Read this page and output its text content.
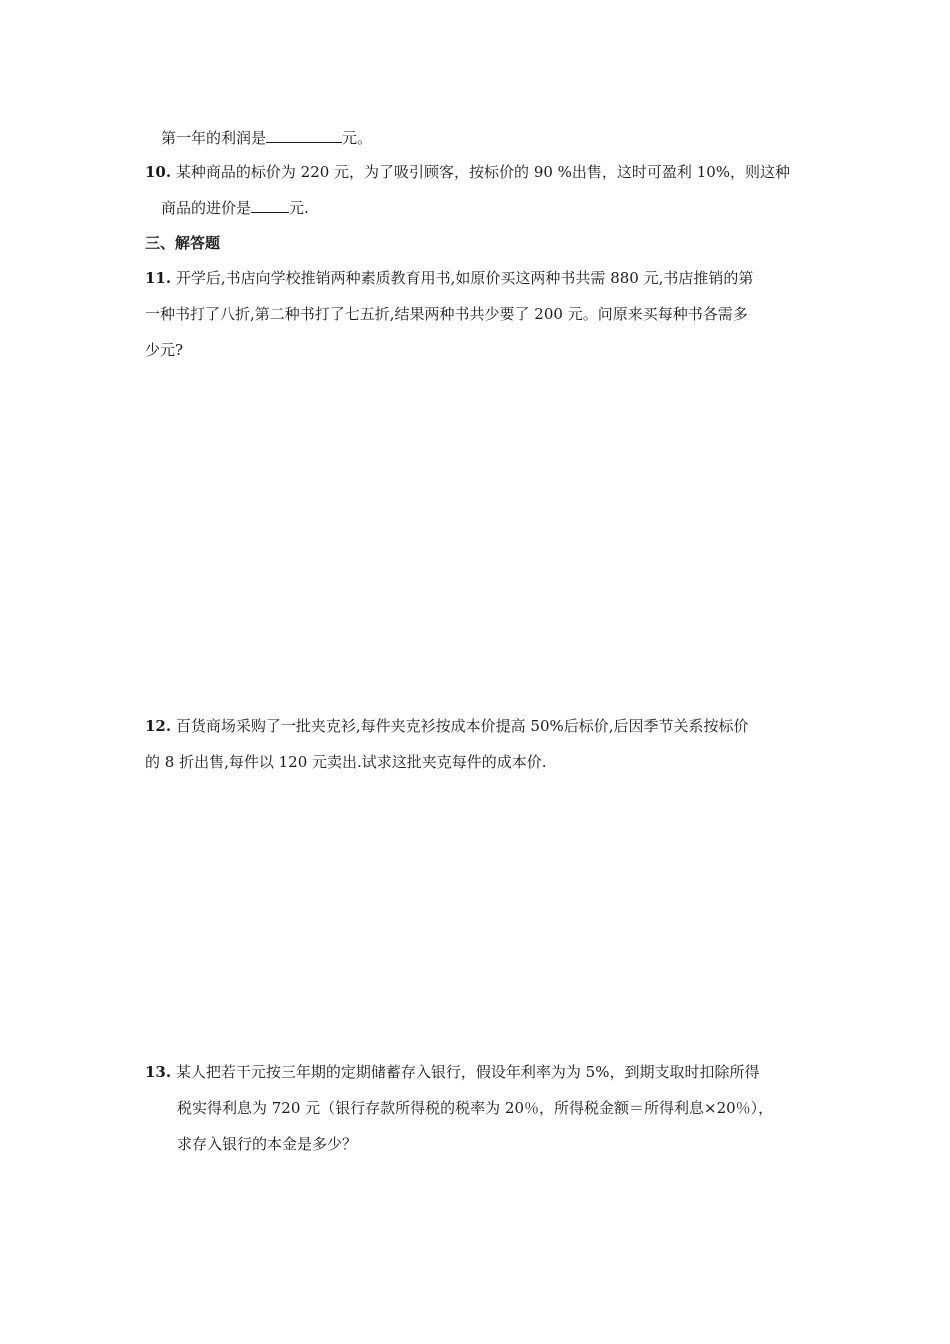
第一年的利润是	元。
10. 某种商品的标价为 220 元，为了吸引顾客，按标价的 90 %出售，这时可盈利 10%，则这种
商品的进价是	元.
三、解答题
11. 开学后,书店向学校推销两种素质教育用书,如原价买这两种书共需 880 元,书店推销的第
一种书打了八折,第二种书打了七五折,结果两种书共少要了 200 元。问原来买每种书各需多
少元?
12. 百货商场采购了一批夹克衫,每件夹克衫按成本价提高 50%后标价,后因季节关系按标价
的 8 折出售,每件以 120 元卖出.试求这批夹克每件的成本价.
13. 某人把若干元按三年期的定期储蓄存入银行，假设年利率为为 5%，到期支取时扣除所得
税实得利息为 720 元（银行存款所得税的税率为 20％，所得税金额＝所得利息×20％），
求存入银行的本金是多少？
